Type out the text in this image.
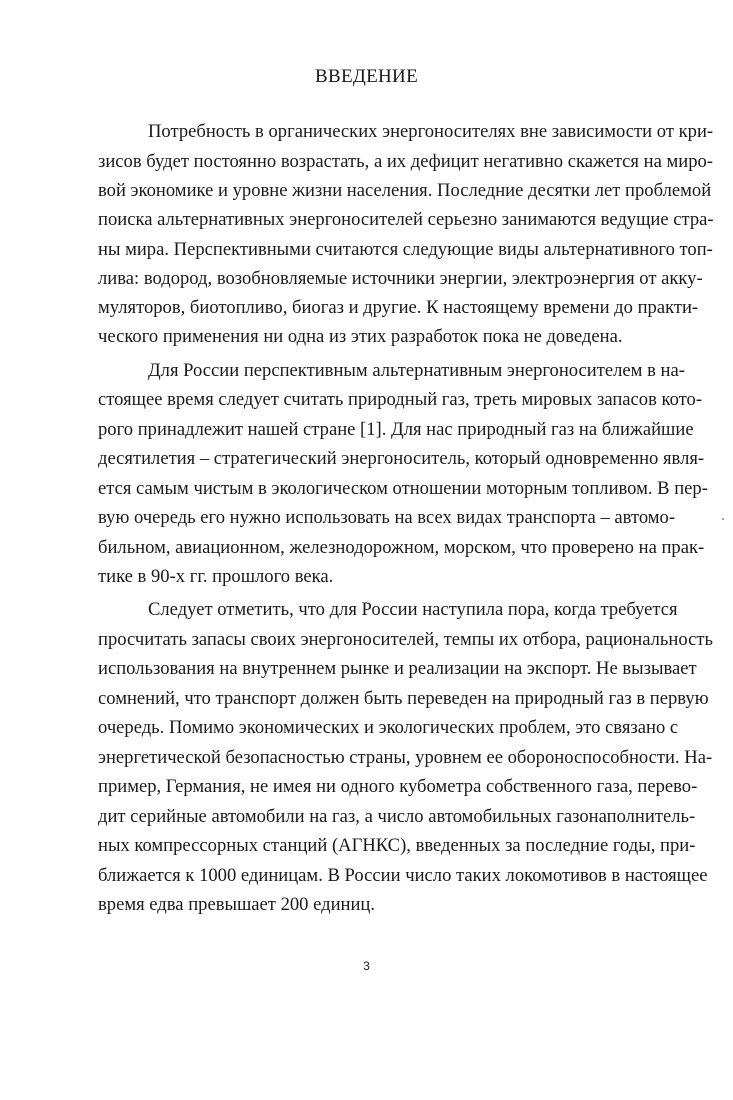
ВВЕДЕНИЕ

Потребность в органических энергоносителях вне зависимости от кри-

зисов будет постоянно возрастать, а их дефицит негативно скажется на миро-

вой экономике и уровне жизни населения. Последние десятки лет проблемой

поиска альтернативных энергоносителей серьезно занимаются ведущие стра-

ны мира. Перспективными считаются следующие виды альтернативного топ-

лива: водород, возобновляемые источники энергии, электроэнергия от акку-

муляторов, биотопливо, биогаз и другие. К настоящему времени до практи-

ческого применения ни одна из этих разработок пока не доведена.

Для России перспективным альтернативным энергоносителем в на-

стоящее время следует считать природный газ, треть мировых запасов кото-

рого принадлежит нашей стране [1]. Для нас природный газ на ближайшие

десятилетия – стратегический энергоноситель, который одновременно явля-

ется самым чистым в экологическом отношении моторным топливом. В пер-

вую очередь его нужно использовать на всех видах транспорта – автомо-

бильном, авиационном, железнодорожном, морском, что проверено на прак-

тике в 90-х гг. прошлого века.

Следует отметить, что для России наступила пора, когда требуется

просчитать запасы своих энергоносителей, темпы их отбора, рациональность

использования на внутреннем рынке и реализации на экспорт. Не вызывает

сомнений, что транспорт должен быть переведен на природный газ в первую

очередь. Помимо экономических и экологических проблем, это связано с

энергетической безопасностью страны, уровнем ее обороноспособности. На-

пример, Германия, не имея ни одного кубометра собственного газа, перево-

дит серийные автомобили на газ, а число автомобильных газонаполнитель-

ных компрессорных станций (АГНКС), введенных за последние годы, при-

ближается к 1000 единицам. В России число таких локомотивов в настоящее

время едва превышает 200 единиц.

3
